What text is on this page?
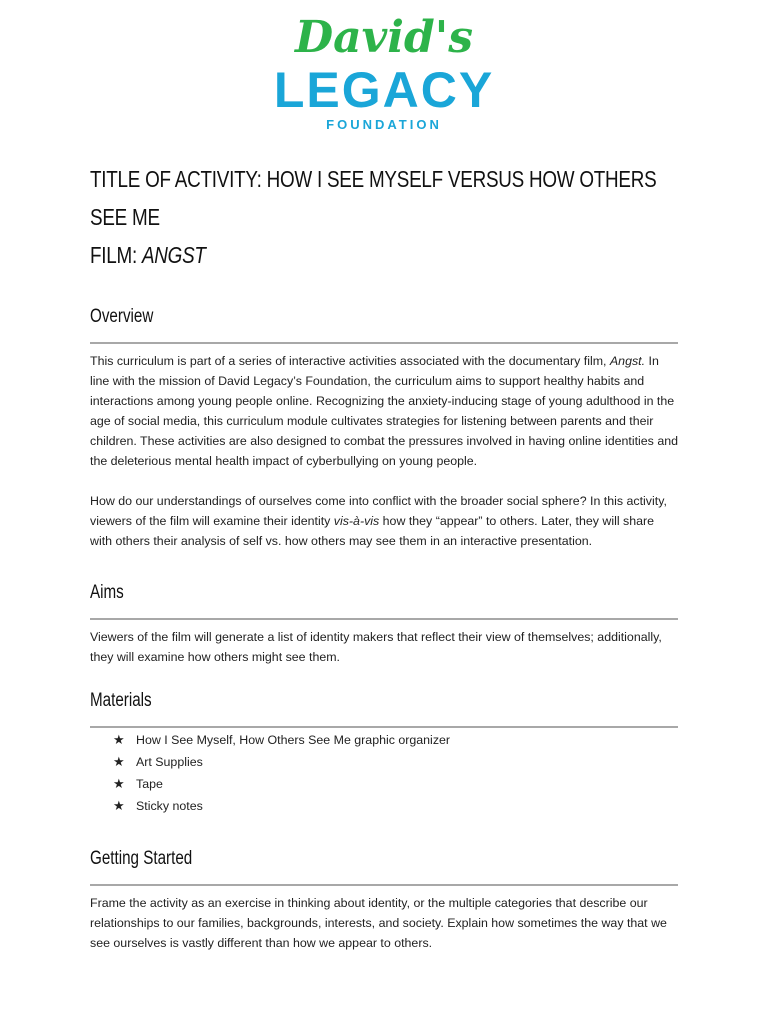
David's
LEGACY
FOUNDATION
TITLE OF ACTIVITY: HOW I SEE MYSELF VERSUS HOW OTHERS SEE ME
FILM: ANGST
Overview

This curriculum is part of a series of interactive activities associated with the documentary film, Angst. In line with the mission of David Legacy’s Foundation, the curriculum aims to support healthy habits and interactions among young people online. Recognizing the anxiety-inducing stage of young adulthood in the age of social media, this curriculum module cultivates strategies for listening between parents and their children. These activities are also designed to combat the pressures involved in having online identities and the deleterious mental health impact of cyberbullying on young people.

How do our understandings of ourselves come into conflict with the broader social sphere? In this activity, viewers of the film will examine their identity vis-à-vis how they “appear” to others. Later, they will share with others their analysis of self vs. how others may see them in an interactive presentation.

Aims

Viewers of the film will generate a list of identity makers that reflect their view of themselves; additionally, they will examine how others might see them.

Materials
★ How I See Myself, How Others See Me graphic organizer
★ Art Supplies
★ Tape
★ Sticky notes
Getting Started

Frame the activity as an exercise in thinking about identity, or the multiple categories that describe our relationships to our families, backgrounds, interests, and society. Explain how sometimes the way that we see ourselves is vastly different than how we appear to others.
